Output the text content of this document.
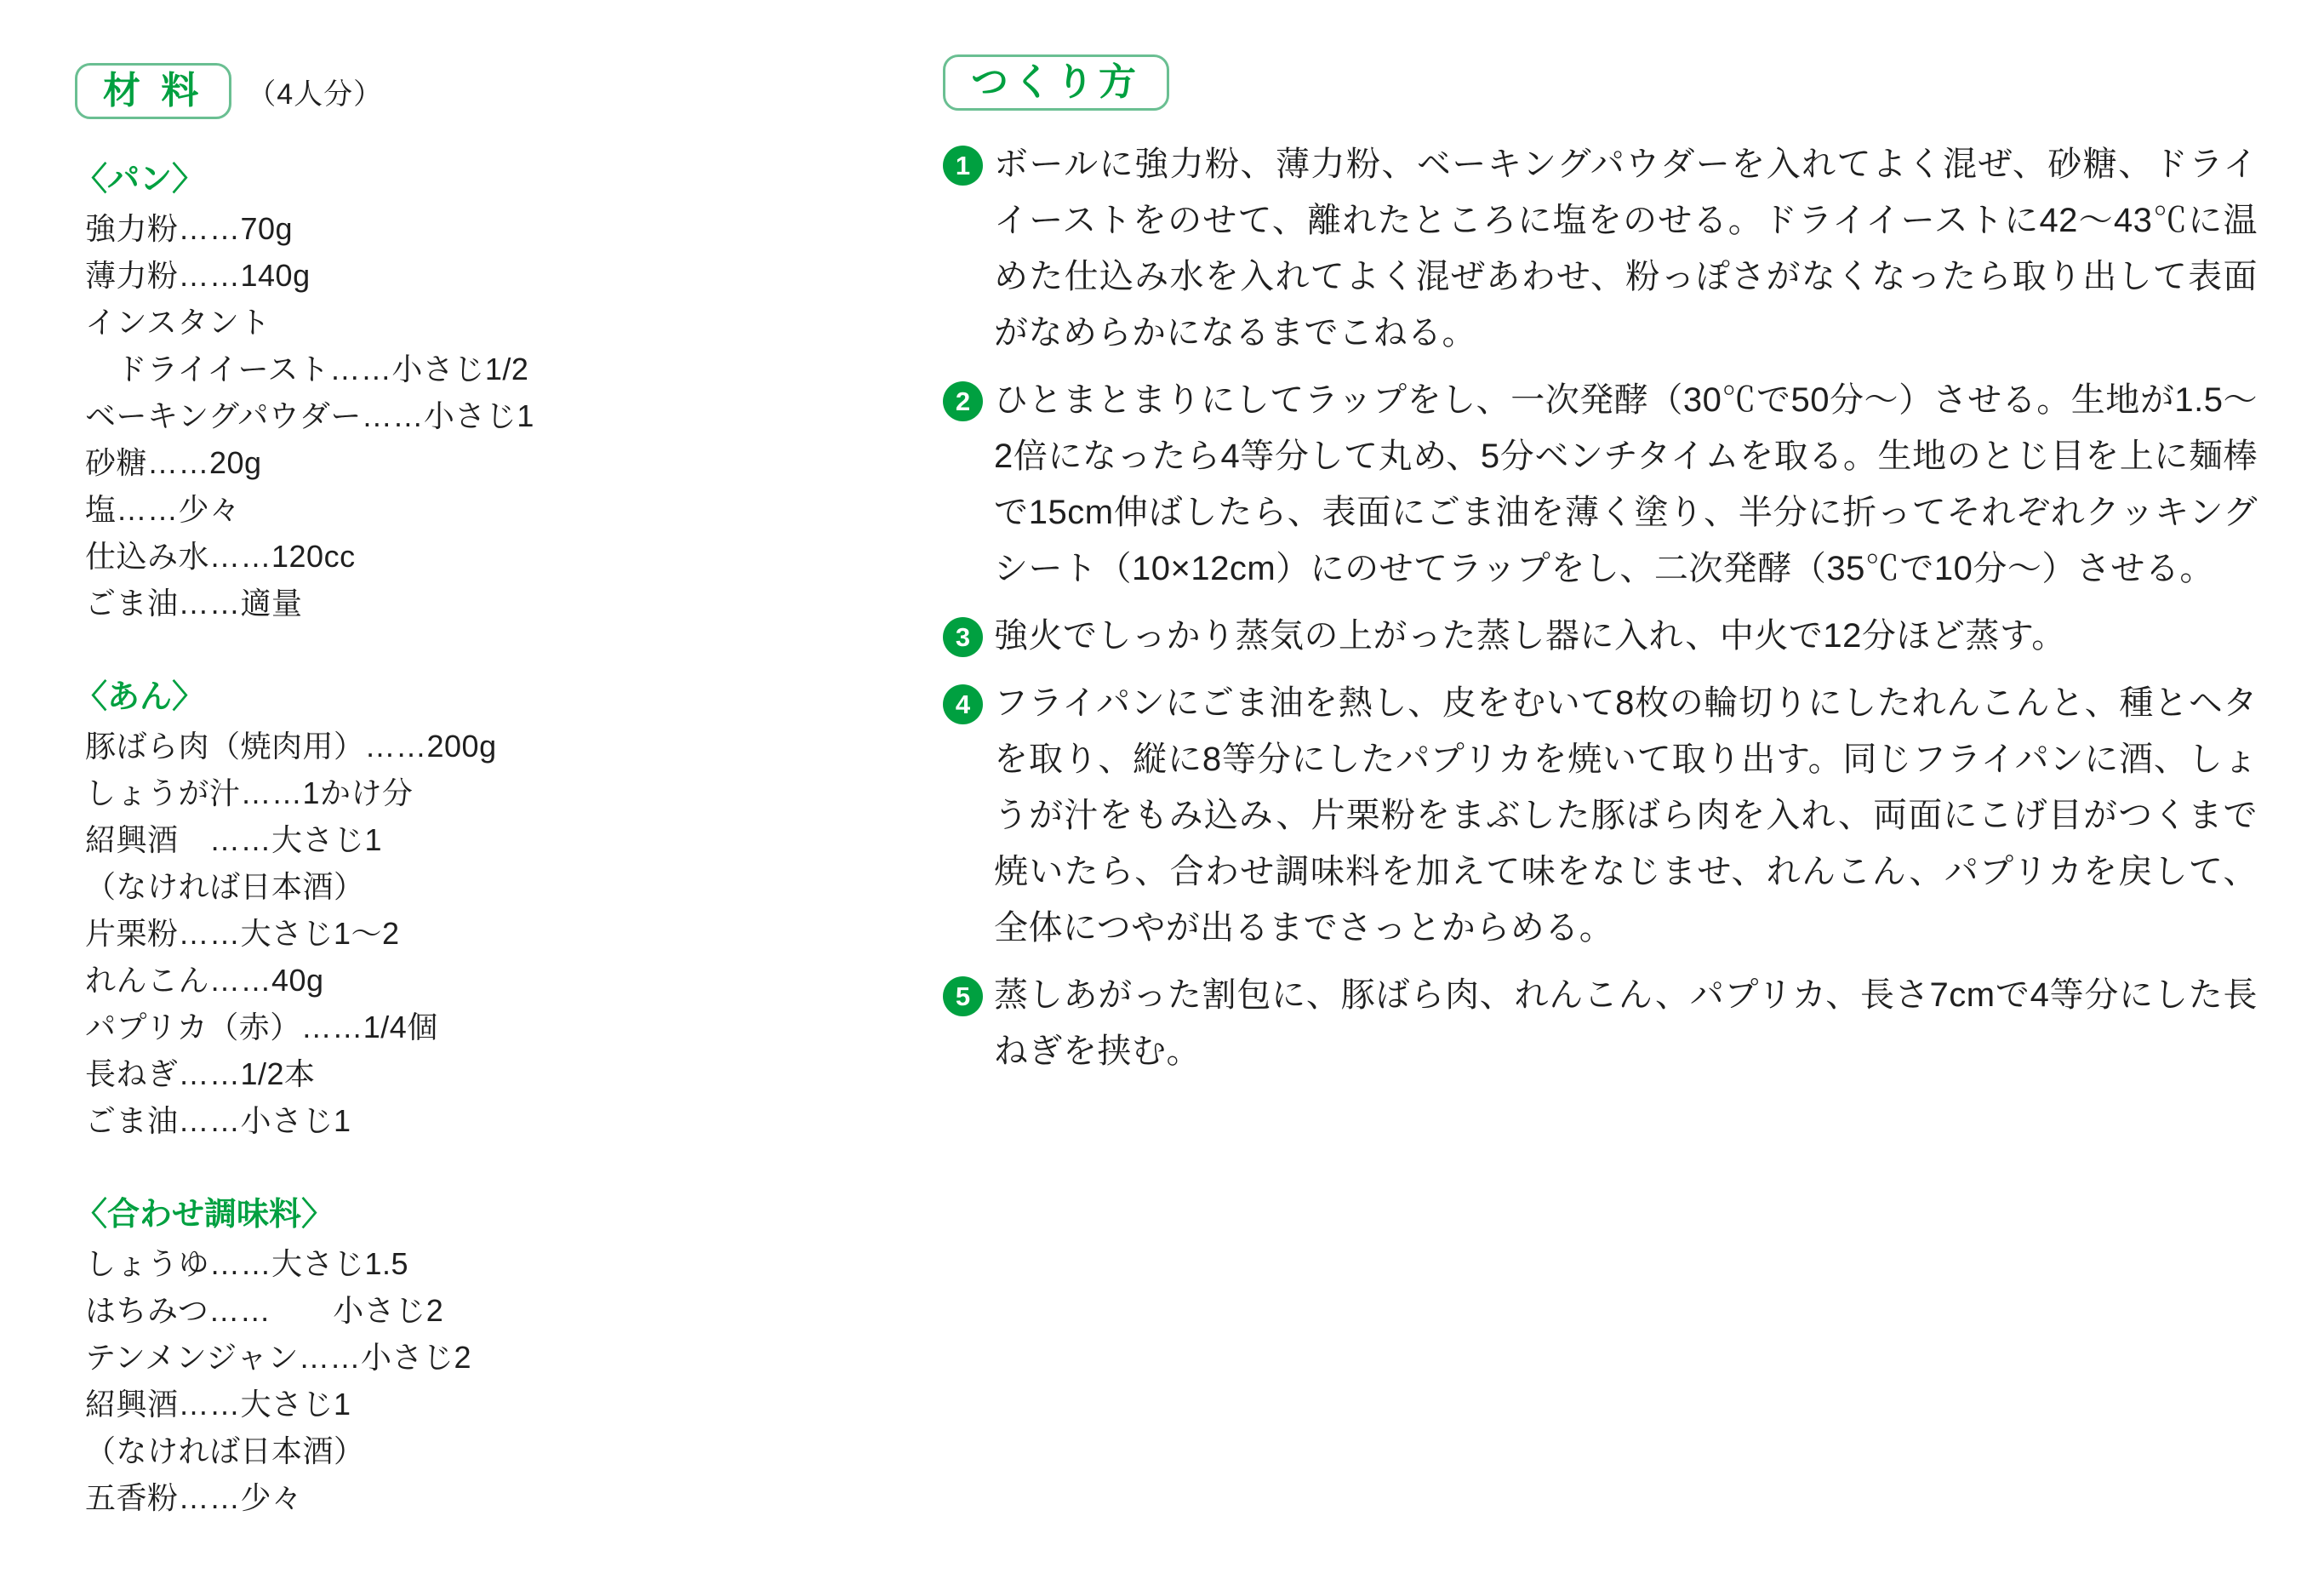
材 料	（4人分）

〈パン〉

強力粉……70g
薄力粉……140g
インスタント
　ドライイースト……小さじ1/2
ベーキングパウダー……小さじ1
砂糖……20g
塩……少々
仕込み水……120cc
ごま油……適量

〈あん〉

豚ばら肉（焼肉用）……200g
しょうが汁……1かけ分
紹興酒　……大さじ1
（なければ日本酒）
片栗粉……大さじ1～2
れんこん……40g
パプリカ（赤）……1/4個
長ねぎ……1/2本
ごま油……小さじ1

〈合わせ調味料〉

しょうゆ……大さじ1.5
はちみつ……　　小さじ2
テンメンジャン……小さじ2
紹興酒……大さじ1
（なければ日本酒）
五香粉……少々
つくり方
1 ボールに強力粉、薄力粉、ベーキングパウダーを入れてよく混ぜ、砂糖、ドライイーストをのせて、離れたところに塩をのせる。ドライイーストに42～43℃に温めた仕込み水を入れてよく混ぜあわせ、粉っぽさがなくなったら取り出して表面がなめらかになるまでこねる。

2 ひとまとまりにしてラップをし、一次発酵（30℃で50分～）させる。生地が1.5～2倍になったら4等分して丸め、5分ベンチタイムを取る。生地のとじ目を上に麺棒で15cm伸ばしたら、表面にごま油を薄く塗り、半分に折ってそれぞれクッキングシート（10×12cm）にのせてラップをし、二次発酵（35℃で10分～）させる。

3 強火でしっかり蒸気の上がった蒸し器に入れ、中火で12分ほど蒸す。

4 フライパンにごま油を熱し、皮をむいて8枚の輪切りにしたれんこんと、種とヘタを取り、縦に8等分にしたパプリカを焼いて取り出す。同じフライパンに酒、しょうが汁をもみ込み、片栗粉をまぶした豚ばら肉を入れ、両面にこげ目がつくまで焼いたら、合わせ調味料を加えて味をなじませ、れんこん、パプリカを戻して、全体につやが出るまでさっとからめる。

5 蒸しあがった割包に、豚ばら肉、れんこん、パプリカ、長さ7cmで4等分にした長ねぎを挟む。
